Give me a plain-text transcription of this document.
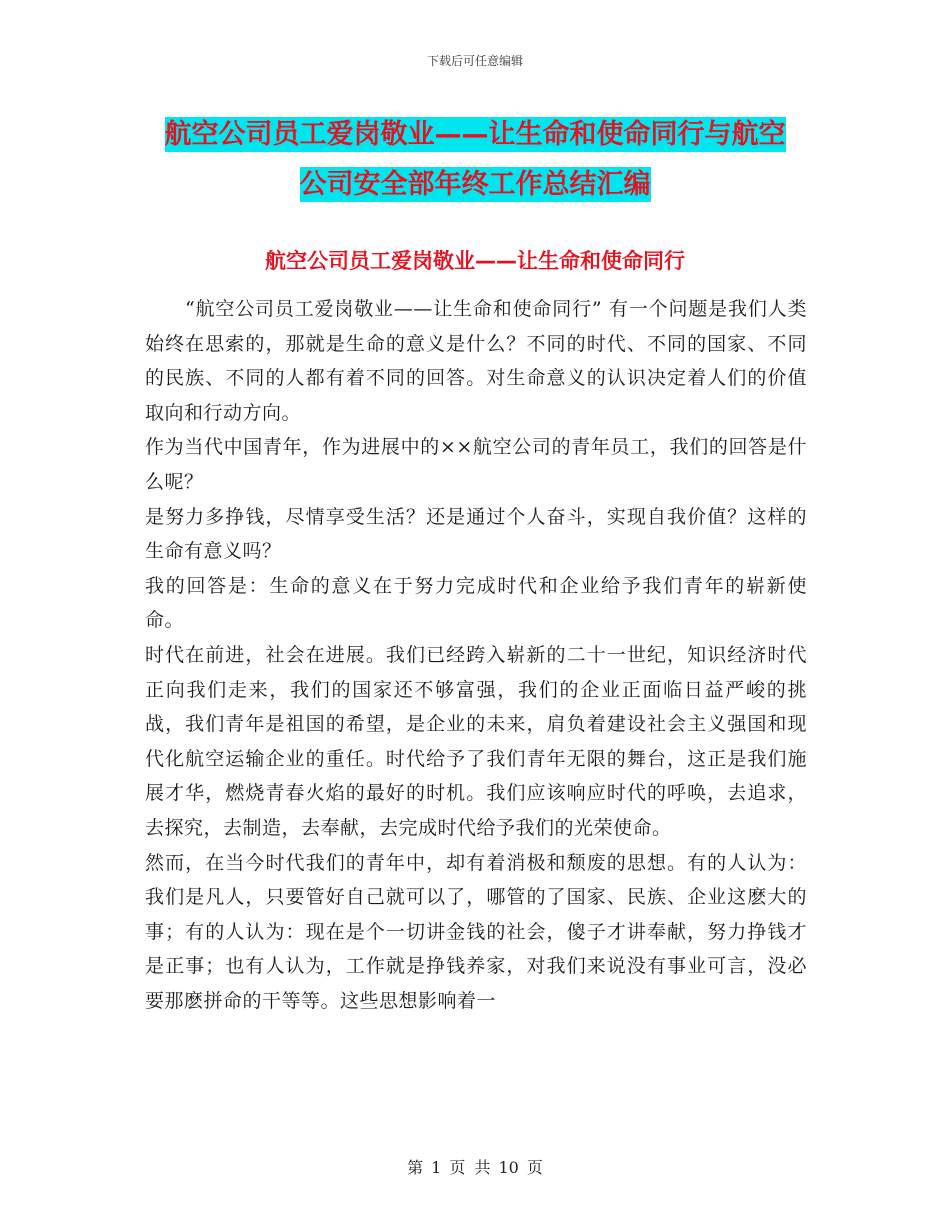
下载后可任意编辑
航空公司员工爱岗敬业——让生命和使命同行与航空
公司安全部年终工作总结汇编
航空公司员工爱岗敬业——让生命和使命同行

“航空公司员工爱岗敬业——让生命和使命同行” 有一个问题是我们人类始终在思索的，那就是生命的意义是什么？不同的时代、不同的国家、不同的民族、不同的人都有着不同的回答。对生命意义的认识决定着人们的价值取向和行动方向。

作为当代中国青年，作为进展中的××航空公司的青年员工，我们的回答是什么呢？

是努力多挣钱，尽情享受生活？还是通过个人奋斗，实现自我价值？这样的生命有意义吗？

我的回答是：生命的意义在于努力完成时代和企业给予我们青年的崭新使命。

时代在前进，社会在进展。我们已经跨入崭新的二十一世纪，知识经济时代正向我们走来，我们的国家还不够富强，我们的企业正面临日益严峻的挑战，我们青年是祖国的希望，是企业的未来，肩负着建设社会主义强国和现代化航空运输企业的重任。时代给予了我们青年无限的舞台，这正是我们施展才华，燃烧青春火焰的最好的时机。我们应该响应时代的呼唤，去追求，去探究，去制造，去奉献，去完成时代给予我们的光荣使命。

然而，在当今时代我们的青年中，却有着消极和颓废的思想。有的人认为：我们是凡人，只要管好自己就可以了，哪管的了国家、民族、企业这麽大的事；有的人认为：现在是个一切讲金钱的社会，傻子才讲奉献，努力挣钱才是正事；也有人认为，工作就是挣钱养家，对我们来说没有事业可言，没必要那麽拼命的干等等。这些思想影响着一

第 1 页 共 10 页
